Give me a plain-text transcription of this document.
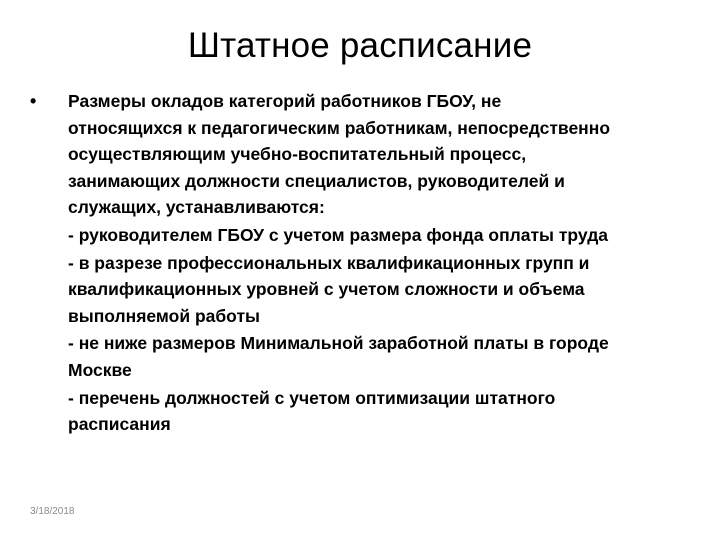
Штатное расписание
• Размеры окладов категорий работников ГБОУ, не
относящихся к педагогическим работникам, непосредственно
осуществляющим учебно-воспитательный процесс,
занимающих должности специалистов, руководителей и
служащих, устанавливаются:
- руководителем ГБОУ с учетом размера фонда оплаты труда
- в разрезе профессиональных квалификационных групп и
квалификационных уровней с учетом сложности и объема
выполняемой работы
- не ниже размеров Минимальной заработной платы в городе
Москве
- перечень должностей с учетом оптимизации штатного
расписания
3/18/2018
